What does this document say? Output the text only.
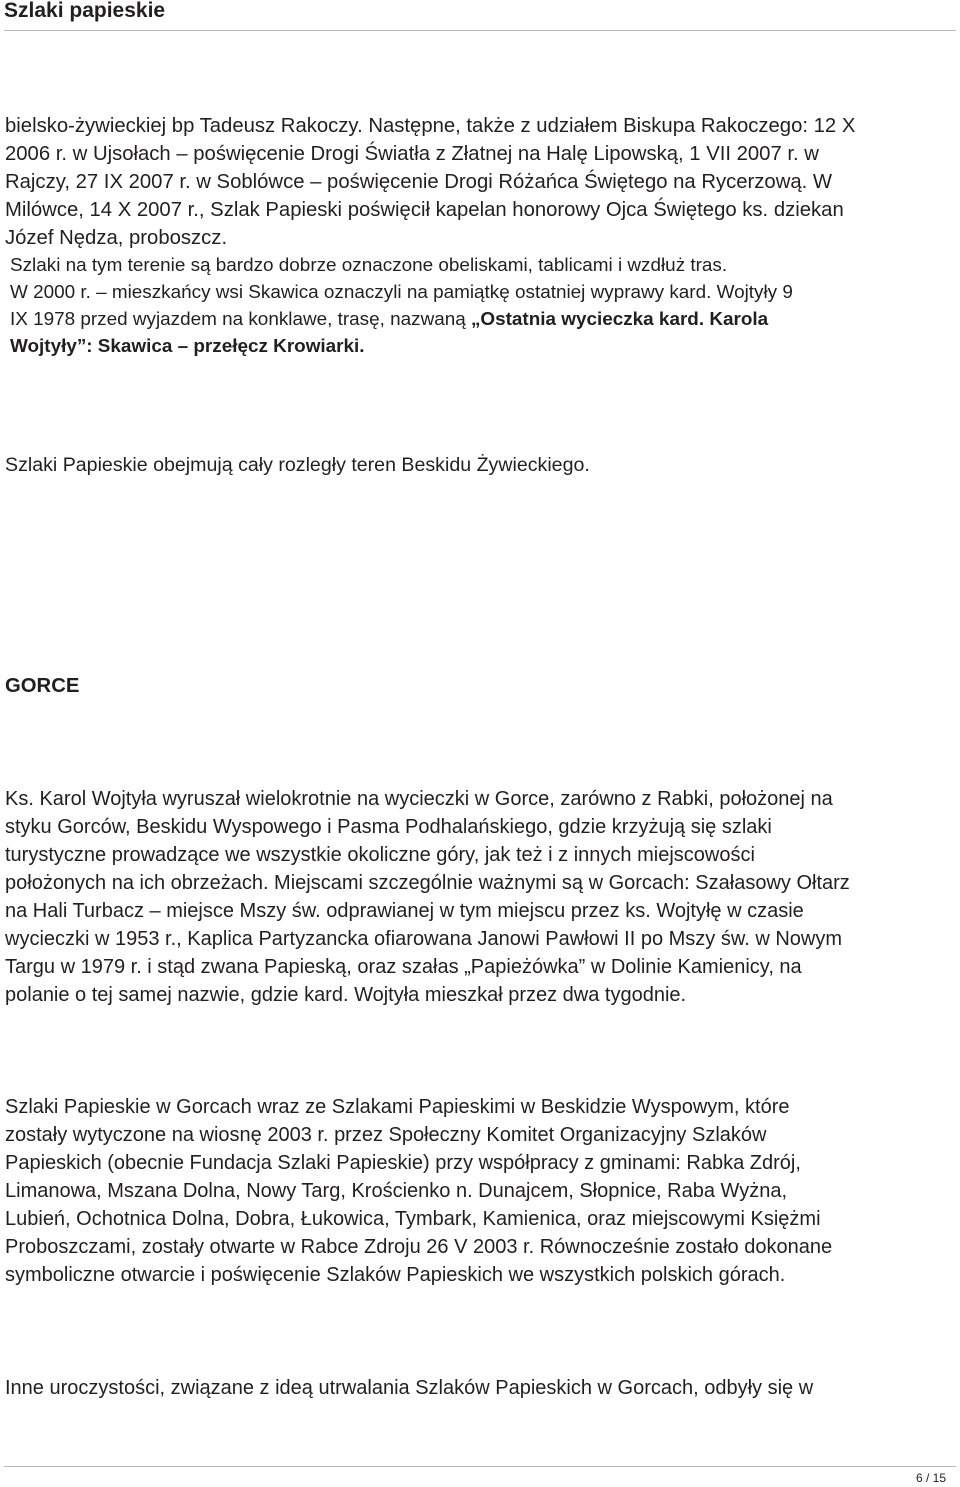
Szlaki papieskie

bielsko-żywieckiej bp Tadeusz Rakoczy. Następne, także z udziałem Biskupa Rakoczego: 12 X

2006 r. w Ujsołach – poświęcenie Drogi Światła z Złatnej na Halę Lipowską, 1 VII 2007 r. w

Rajczy, 27 IX 2007 r. w Soblówce – poświęcenie Drogi Różańca Świętego na Rycerzową. W

Milówce, 14 X 2007 r., Szlak Papieski poświęcił kapelan honorowy Ojca Świętego ks. dziekan

Józef Nędza, proboszcz.

Szlaki na tym terenie są bardzo dobrze oznaczone obeliskami, tablicami i wzdłuż tras.

W 2000 r. – mieszkańcy wsi Skawica oznaczyli na pamiątkę ostatniej wyprawy kard. Wojtyły 9

IX 1978 przed wyjazdem na konklawe, trasę, nazwaną „Ostatnia wycieczka kard. Karola

Wojtyły”: Skawica – przełęcz Krowiarki.

Szlaki Papieskie obejmują cały rozległy teren Beskidu Żywieckiego.

GORCE

Ks. Karol Wojtyła wyruszał wielokrotnie na wycieczki w Gorce, zarówno z Rabki, położonej na

styku Gorców, Beskidu Wyspowego i Pasma Podhalańskiego, gdzie krzyżują się szlaki

turystyczne prowadzące we wszystkie okoliczne góry, jak też i z innych miejscowości

położonych na ich obrzeżach. Miejscami szczególnie ważnymi są w Gorcach: Szałasowy Ołtarz

na Hali Turbacz – miejsce Mszy św. odprawianej w tym miejscu przez ks. Wojtyłę w czasie

wycieczki w 1953 r., Kaplica Partyzancka ofiarowana Janowi Pawłowi II po Mszy św. w Nowym

Targu w 1979 r. i stąd zwana Papieską, oraz szałas „Papieżówka” w Dolinie Kamienicy, na

polanie o tej samej nazwie, gdzie kard. Wojtyła mieszkał przez dwa tygodnie.

Szlaki Papieskie w Gorcach wraz ze Szlakami Papieskimi w Beskidzie Wyspowym, które

zostały wytyczone na wiosnę 2003 r. przez Społeczny Komitet Organizacyjny Szlaków

Papieskich (obecnie Fundacja Szlaki Papieskie) przy współpracy z gminami: Rabka Zdrój,

Limanowa, Mszana Dolna, Nowy Targ, Krościenko n. Dunajcem, Słopnice, Raba Wyżna,

Lubień, Ochotnica Dolna, Dobra, Łukowica, Tymbark, Kamienica, oraz miejscowymi Księżmi

Proboszczami, zostały otwarte w Rabce Zdroju 26 V 2003 r. Równocześnie zostało dokonane

symboliczne otwarcie i poświęcenie Szlaków Papieskich we wszystkich polskich górach.

Inne uroczystości, związane z ideą utrwalania Szlaków Papieskich w Gorcach, odbyły się w

6 / 15
